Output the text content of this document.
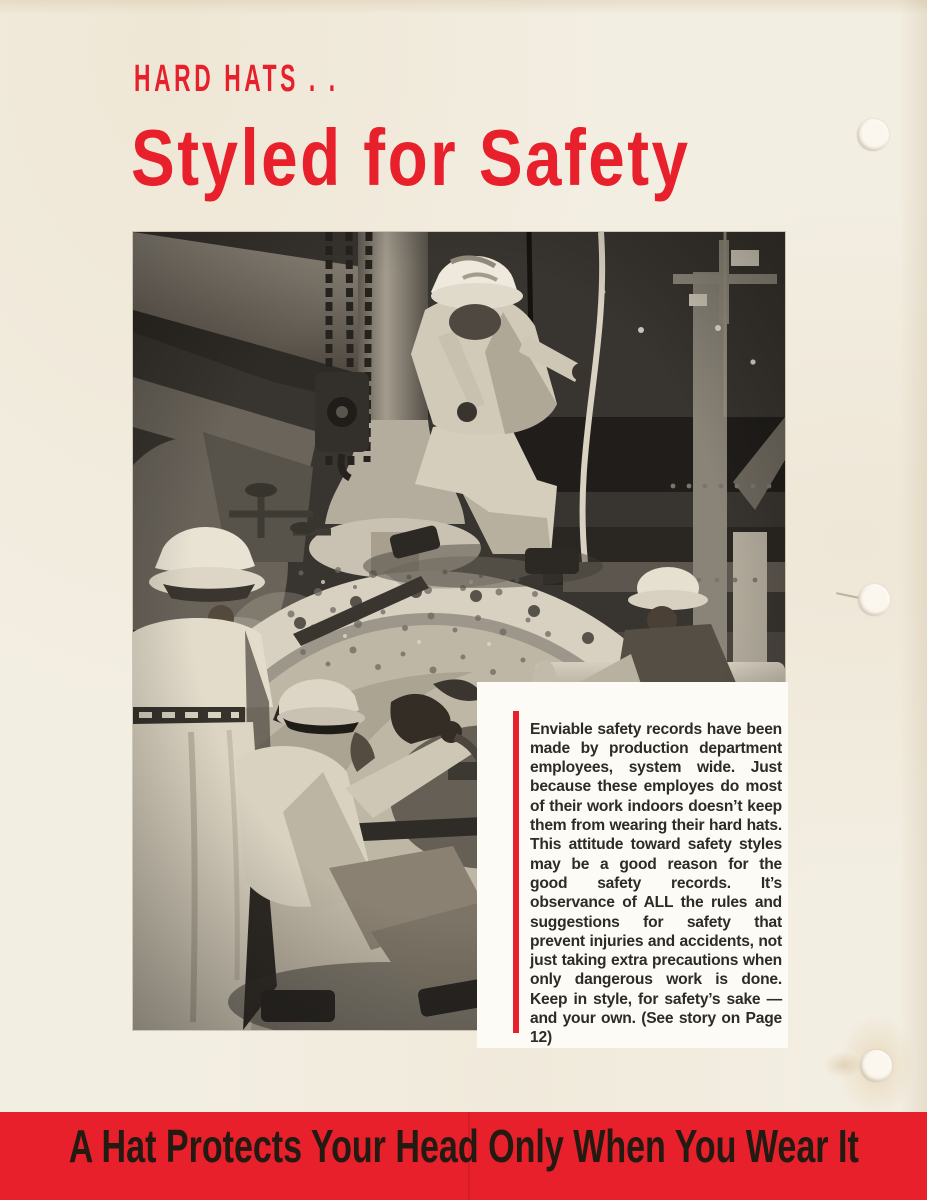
HARD HATS . .
Styled for Safety

Enviable safety records have been made by production department employees, system wide. Just because these employes do most of their work indoors doesn’t keep them from wearing their hard hats. This attitude toward safety styles may be a good reason for the good safety records. It’s observance of ALL the rules and suggestions for safety that prevent injuries and accidents, not just taking extra precautions when only dangerous work is done. Keep in style, for safety’s sake — and your own. (See story on Page 12)

A Hat Protects Your Head Only When You Wear It
